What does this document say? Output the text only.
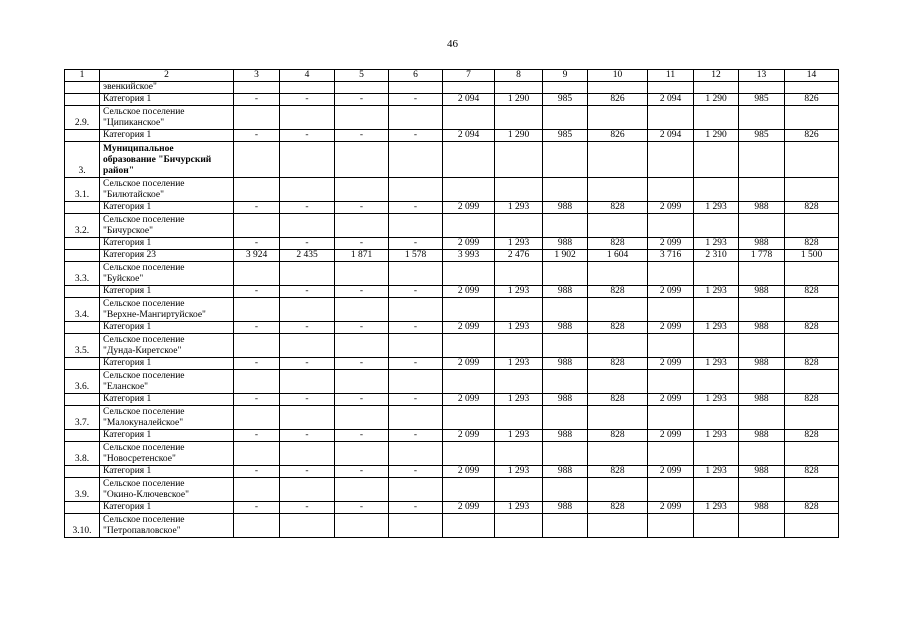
46
1	2	3	4	5	6	7	8	9	10	11	12	13	14
	эвенкийское"												
	Категория 1	-	-	-	-	2 094	1 290	985	826	2 094	1 290	985	826
2.9.	Сельское поселение
"Ципиканское"												
	Категория 1	-	-	-	-	2 094	1 290	985	826	2 094	1 290	985	826
3.	Муниципальное
образование "Бичурский
район"												
3.1.	Сельское поселение
"Билютайское"												
	Категория 1	-	-	-	-	2 099	1 293	988	828	2 099	1 293	988	828
3.2.	Сельское поселение
"Бичурское"												
	Категория 1	-	-	-	-	2 099	1 293	988	828	2 099	1 293	988	828
	Категория 23	3 924	2 435	1 871	1 578	3 993	2 476	1 902	1 604	3 716	2 310	1 778	1 500
3.3.	Сельское поселение
"Буйское"												
	Категория 1	-	-	-	-	2 099	1 293	988	828	2 099	1 293	988	828
3.4.	Сельское поселение
"Верхне-Мангиртуйское"												
	Категория 1	-	-	-	-	2 099	1 293	988	828	2 099	1 293	988	828
3.5.	Сельское поселение
"Дунда-Киретское"												
	Категория 1	-	-	-	-	2 099	1 293	988	828	2 099	1 293	988	828
3.6.	Сельское поселение
"Еланское"												
	Категория 1	-	-	-	-	2 099	1 293	988	828	2 099	1 293	988	828
3.7.	Сельское поселение
"Малокуналейское"												
	Категория 1	-	-	-	-	2 099	1 293	988	828	2 099	1 293	988	828
3.8.	Сельское поселение
"Новосретенское"												
	Категория 1	-	-	-	-	2 099	1 293	988	828	2 099	1 293	988	828
3.9.	Сельское поселение
"Окино-Ключевское"												
	Категория 1	-	-	-	-	2 099	1 293	988	828	2 099	1 293	988	828
3.10.	Сельское поселение
"Петропавловское"												
